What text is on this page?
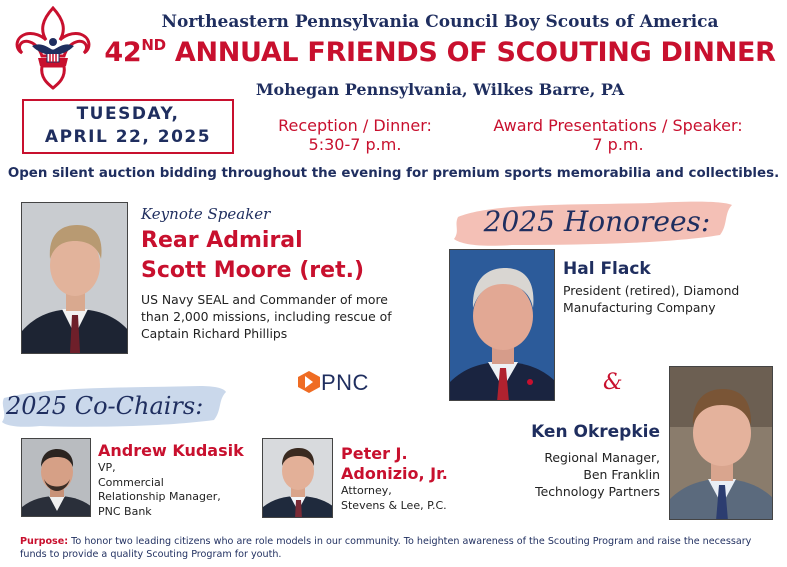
Northeastern Pennsylvania Council Boy Scouts of America
42ND ANNUAL FRIENDS OF SCOUTING DINNER
Mohegan Pennsylvania, Wilkes Barre, PA
TUESDAY,
APRIL 22, 2025
Reception / Dinner:
5:30-7 p.m.
Award Presentations / Speaker:
7 p.m.
Open silent auction bidding throughout the evening for premium sports memorabilia and collectibles.
Keynote Speaker
Rear Admiral
Scott Moore (ret.)
US Navy SEAL and Commander of more than 2,000 missions, including rescue of Captain Richard Phillips
2025 Honorees:
Hal Flack
President (retired), Diamond
Manufacturing Company
&
Ken Okrepkie
Regional Manager,
Ben Franklin
Technology Partners
PNC
2025 Co-Chairs:
Andrew Kudasik
VP,
Commercial
Relationship Manager,
PNC Bank
Peter J.
Adonizio, Jr.
Attorney,
Stevens & Lee, P.C.
Purpose: To honor two leading citizens who are role models in our community. To heighten awareness of the Scouting Program and raise the necessary funds to provide a quality Scouting Program for youth.
